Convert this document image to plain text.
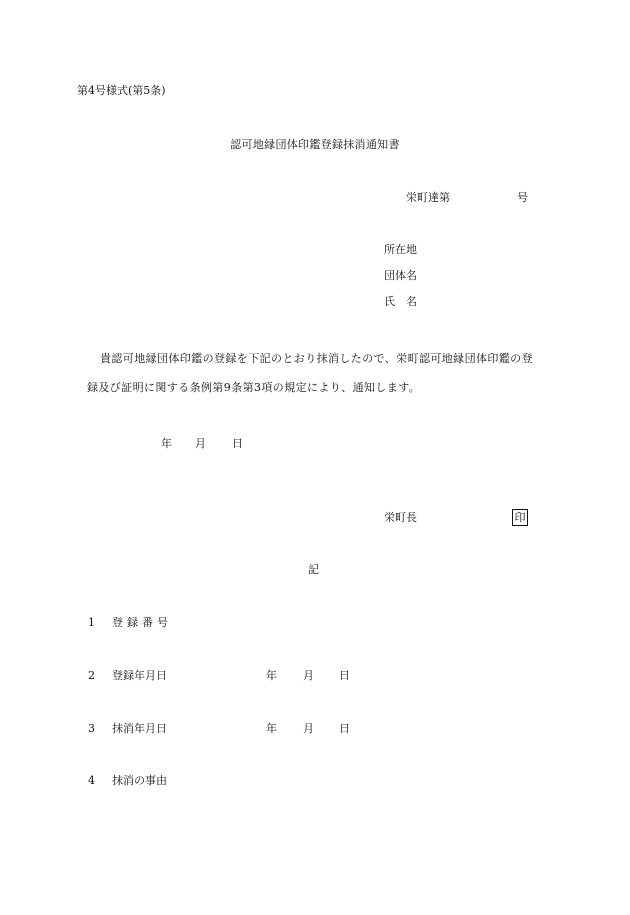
第4号様式(第5条)
認可地縁団体印鑑登録抹消通知書
栄町達第	号
所在地
団体名
氏　名
貴認可地縁団体印鑑の登録を下記のとおり抹消したので、栄町認可地縁団体印鑑の登
録及び証明に関する条例第9条第3項の規定により、通知します。
年 月 日
栄町長	印
記
1 登録番号
2 登録年月日	年 月 日
3 抹消年月日	年 月 日
4 抹消の事由
